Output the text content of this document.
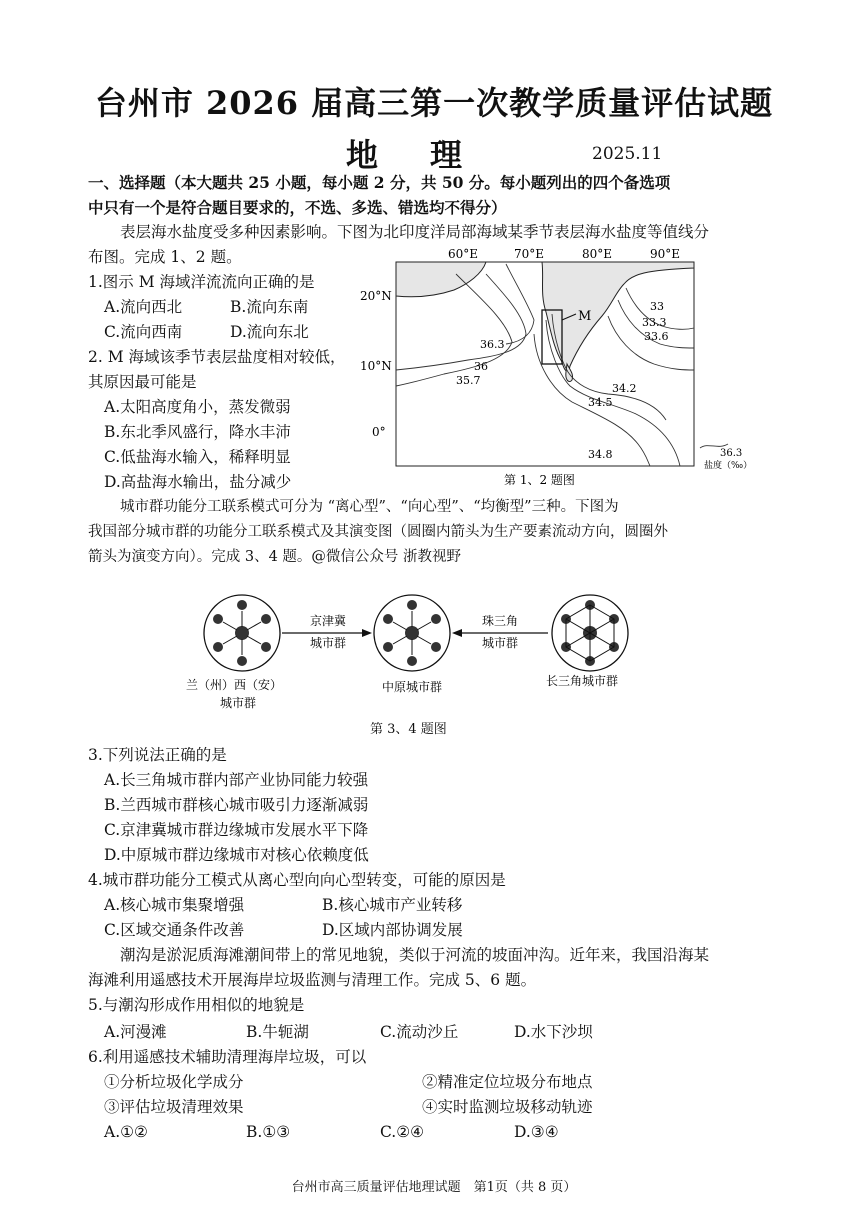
台州市 2026 届高三第一次教学质量评估试题
地理	2025.11
一、选择题（本大题共 25 小题，每小题 2 分，共 50 分。每小题列出的四个备选项
中只有一个是符合题目要求的，不选、多选、错选均不得分）
表层海水盐度受多种因素影响。下图为北印度洋局部海域某季节表层海水盐度等值线分
布图。完成 1、2 题。
1.图示 M 海域洋流流向正确的是
A.流向西北	B.流向东南
C.流向西南	D.流向东北
2. M 海域该季节表层盐度相对较低，
其原因最可能是
A.太阳高度角小，蒸发微弱
B.东北季风盛行，降水丰沛
C.低盐海水输入，稀释明显
D.高盐海水输出，盐分减少
60°E	70°E	80°E	90°E
20°N
10°N
0°
33
33.3
33.6
36.3
36
35.7
34.2
34.5
34.8
M
36.3
盐度（‰）
第 1、2 题图
城市群功能分工联系模式可分为 “离心型”、“向心型”、“均衡型”三种。下图为
我国部分城市群的功能分工联系模式及其演变图（圆圈内箭头为生产要素流动方向，圆圈外
箭头为演变方向）。完成 3、4 题。@微信公众号 浙教视野
京津冀
城市群
珠三角
城市群
兰（州）西（安）
城市群
中原城市群	长三角城市群
第 3、4 题图
3.下列说法正确的是
A.长三角城市群内部产业协同能力较强
B.兰西城市群核心城市吸引力逐渐减弱
C.京津冀城市群边缘城市发展水平下降
D.中原城市群边缘城市对核心依赖度低
4.城市群功能分工模式从离心型向向心型转变，可能的原因是
A.核心城市集聚增强	B.核心城市产业转移
C.区域交通条件改善	D.区域内部协调发展
潮沟是淤泥质海滩潮间带上的常见地貌，类似于河流的坡面冲沟。近年来，我国沿海某
海滩利用遥感技术开展海岸垃圾监测与清理工作。完成 5、6 题。
5.与潮沟形成作用相似的地貌是
A.河漫滩	B.牛轭湖	C.流动沙丘	D.水下沙坝
6.利用遥感技术辅助清理海岸垃圾，可以
①分析垃圾化学成分	②精准定位垃圾分布地点
③评估垃圾清理效果	④实时监测垃圾移动轨迹
A.①②	B.①③	C.②④	D.③④
台州市高三质量评估地理试题　第1页（共 8 页）
